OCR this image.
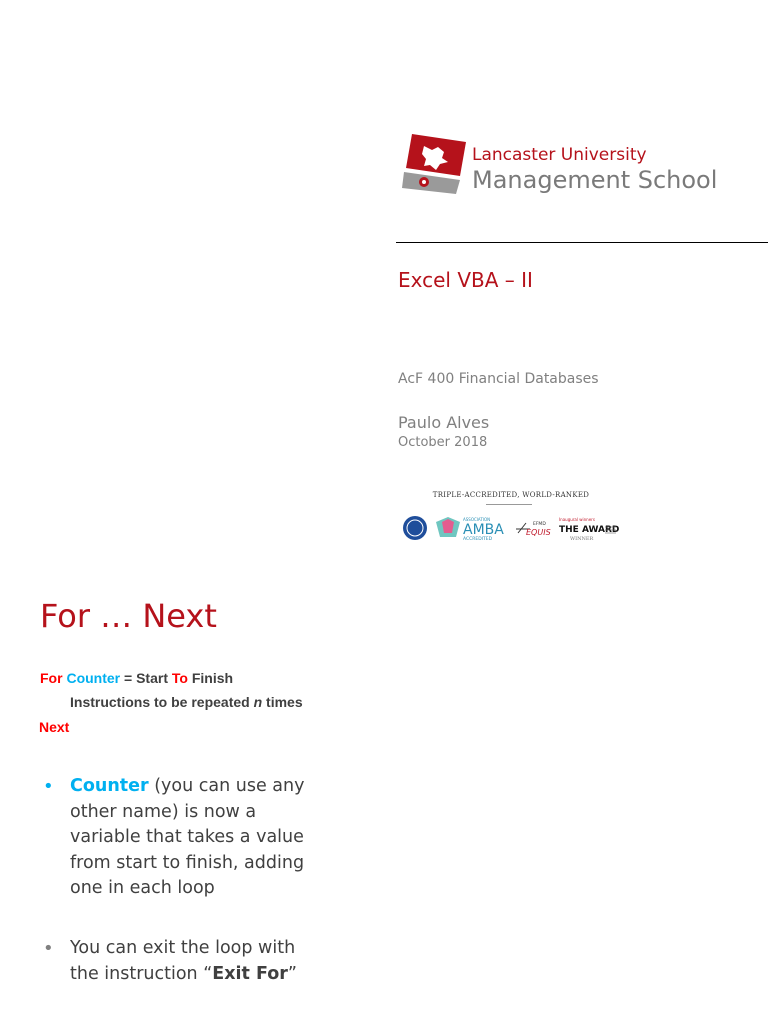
Lancaster University
Management School
Excel VBA – II
AcF 400 Financial Databases
Paulo Alves
October 2018
TRIPLE-ACCREDITED, WORLD-RANKED
ASSOCIATION
AMBA
ACCREDITED
EFMD
EQUIS
Inaugural winners
THE AWARDS
WINNER
For … Next
For Counter = Start To Finish
Instructions to be repeated n times
Next
• Counter (you can use any other name) is now a variable that takes a value from start to finish, adding one in each loop
• You can exit the loop with the instruction “Exit For”
